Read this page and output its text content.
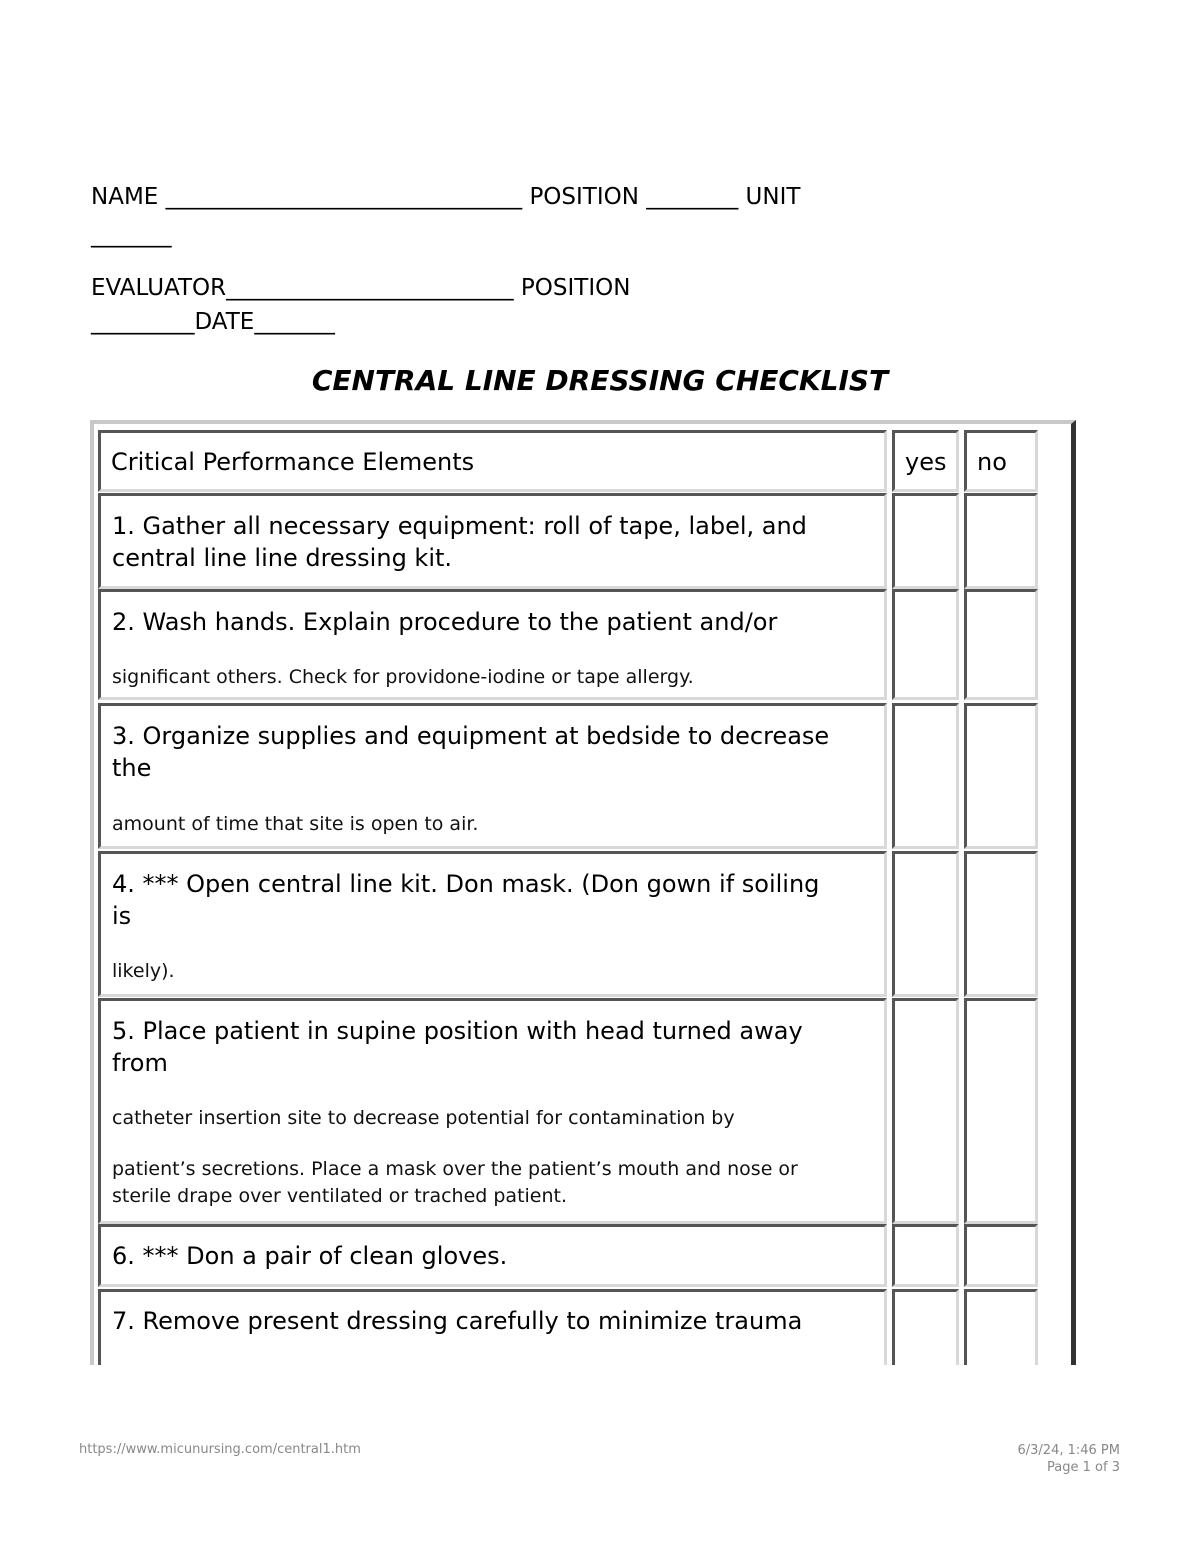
NAME _______________________________ POSITION ________ UNIT
_______
EVALUATOR_________________________ POSITION
_________DATE_______
CENTRAL LINE DRESSING CHECKLIST
Critical Performance Elements	yes no
1. Gather all necessary equipment: roll of tape, label, and
central line line dressing kit.
2. Wash hands. Explain procedure to the patient and/or
significant others. Check for providone-iodine or tape allergy.
3. Organize supplies and equipment at bedside to decrease
the
amount of time that site is open to air.
4. *** Open central line kit. Don mask. (Don gown if soiling
is
likely).
5. Place patient in supine position with head turned away
from
catheter insertion site to decrease potential for contamination by
patient’s secretions. Place a mask over the patient’s mouth and nose or
sterile drape over ventilated or trached patient.
6. *** Don a pair of clean gloves.
7. Remove present dressing carefully to minimize trauma
https://www.micunursing.com/central1.htm	6/3/24, 1:46 PM
Page 1 of 3
